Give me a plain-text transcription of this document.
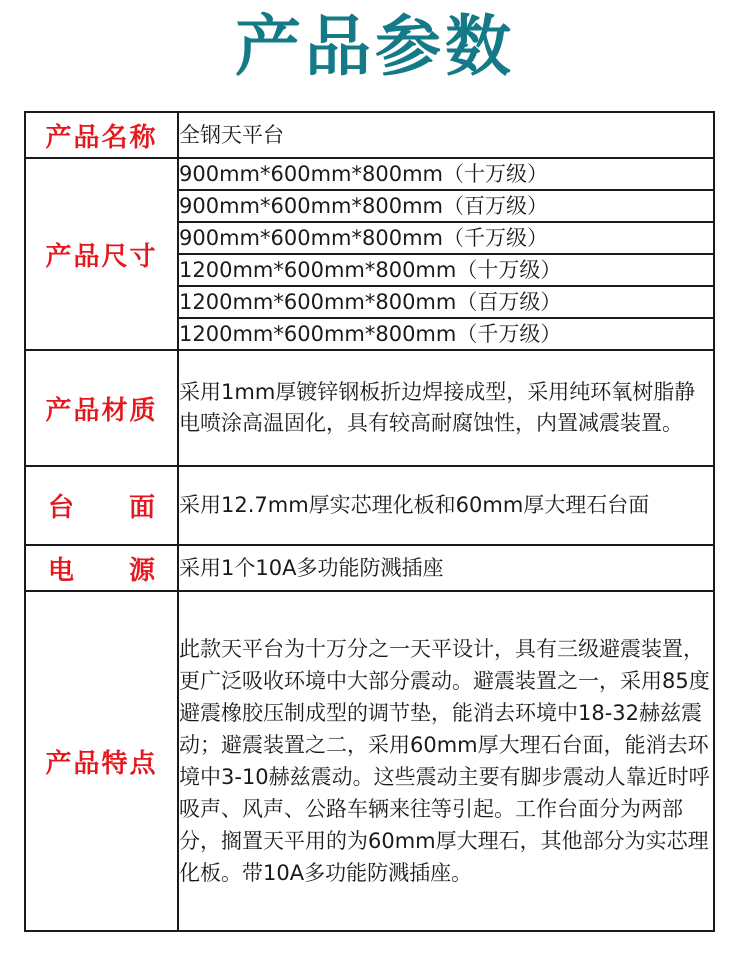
产品参数
产品名称	全钢天平台
产品尺寸	900mm*600mm*800mm（十万级）
	900mm*600mm*800mm（百万级）
	900mm*600mm*800mm（千万级）
	1200mm*600mm*800mm（十万级）
	1200mm*600mm*800mm（百万级）
	1200mm*600mm*800mm（千万级）
产品材质	采用1mm厚镀锌钢板折边焊接成型，采用纯环氧树脂静电喷涂高温固化，具有较高耐腐蚀性，内置减震装置。
台面	采用12.7mm厚实芯理化板和60mm厚大理石台面
电源	采用1个10A多功能防溅插座
产品特点	此款天平台为十万分之一天平设计，具有三级避震装置，更广泛吸收环境中大部分震动。避震装置之一，采用85度避震橡胶压制成型的调节垫，能消去环境中18-32赫兹震动；避震装置之二，采用60mm厚大理石台面，能消去环境中3-10赫兹震动。这些震动主要有脚步震动人靠近时呼吸声、风声、公路车辆来往等引起。工作台面分为两部分，搁置天平用的为60mm厚大理石，其他部分为实芯理化板。带10A多功能防溅插座。
